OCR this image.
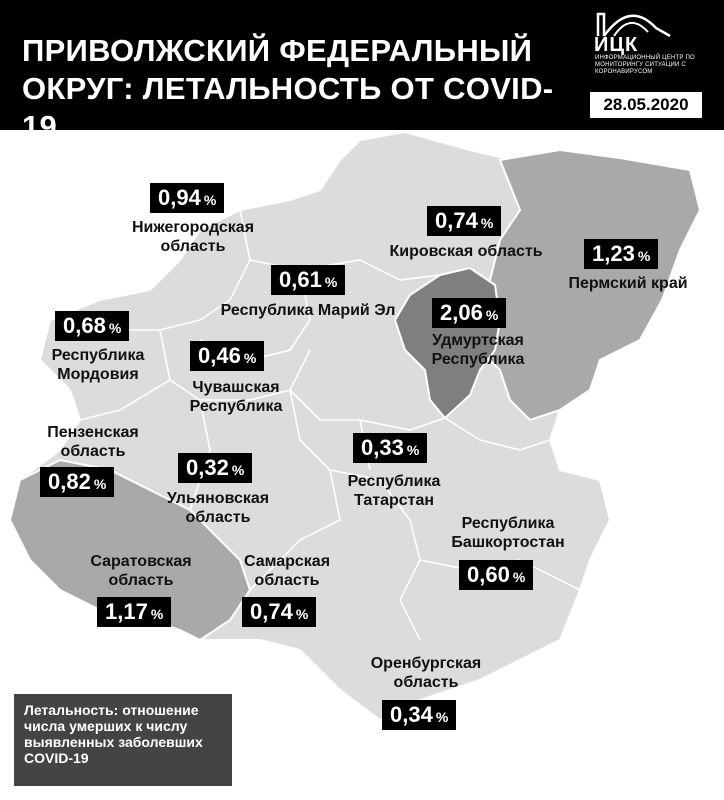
ПРИВОЛЖСКИЙ ФЕДЕРАЛЬНЫЙ ОКРУГ: ЛЕТАЛЬНОСТЬ ОТ COVID-19
ИЦК
ИНФОРМАЦИОННЫЙ ЦЕНТР ПО МОНИТОРИНГУ СИТУАЦИИ С КОРОНАВИРУСОМ
28.05.2020
0,94 %
Нижегородская
область
0,74 %
Кировская область	1,23 %
Пермский край
0,61 %
Республика Марий Эл	2,06 %
Удмуртская
Республика
0,68 %
Республика
Мордовия
0,46 %
Чувашская
Республика
Пензенская
область
0,82 %
0,32 %
Ульяновская
область
0,33 %
Республика
Татарстан
Республика
Башкортостан
0,60 %
Саратовская
область
1,17 %
Самарская
область
0,74 %
Оренбургская
область
0,34 %
Летальность: отношение числа умерших к числу выявленных заболевших COVID-19
